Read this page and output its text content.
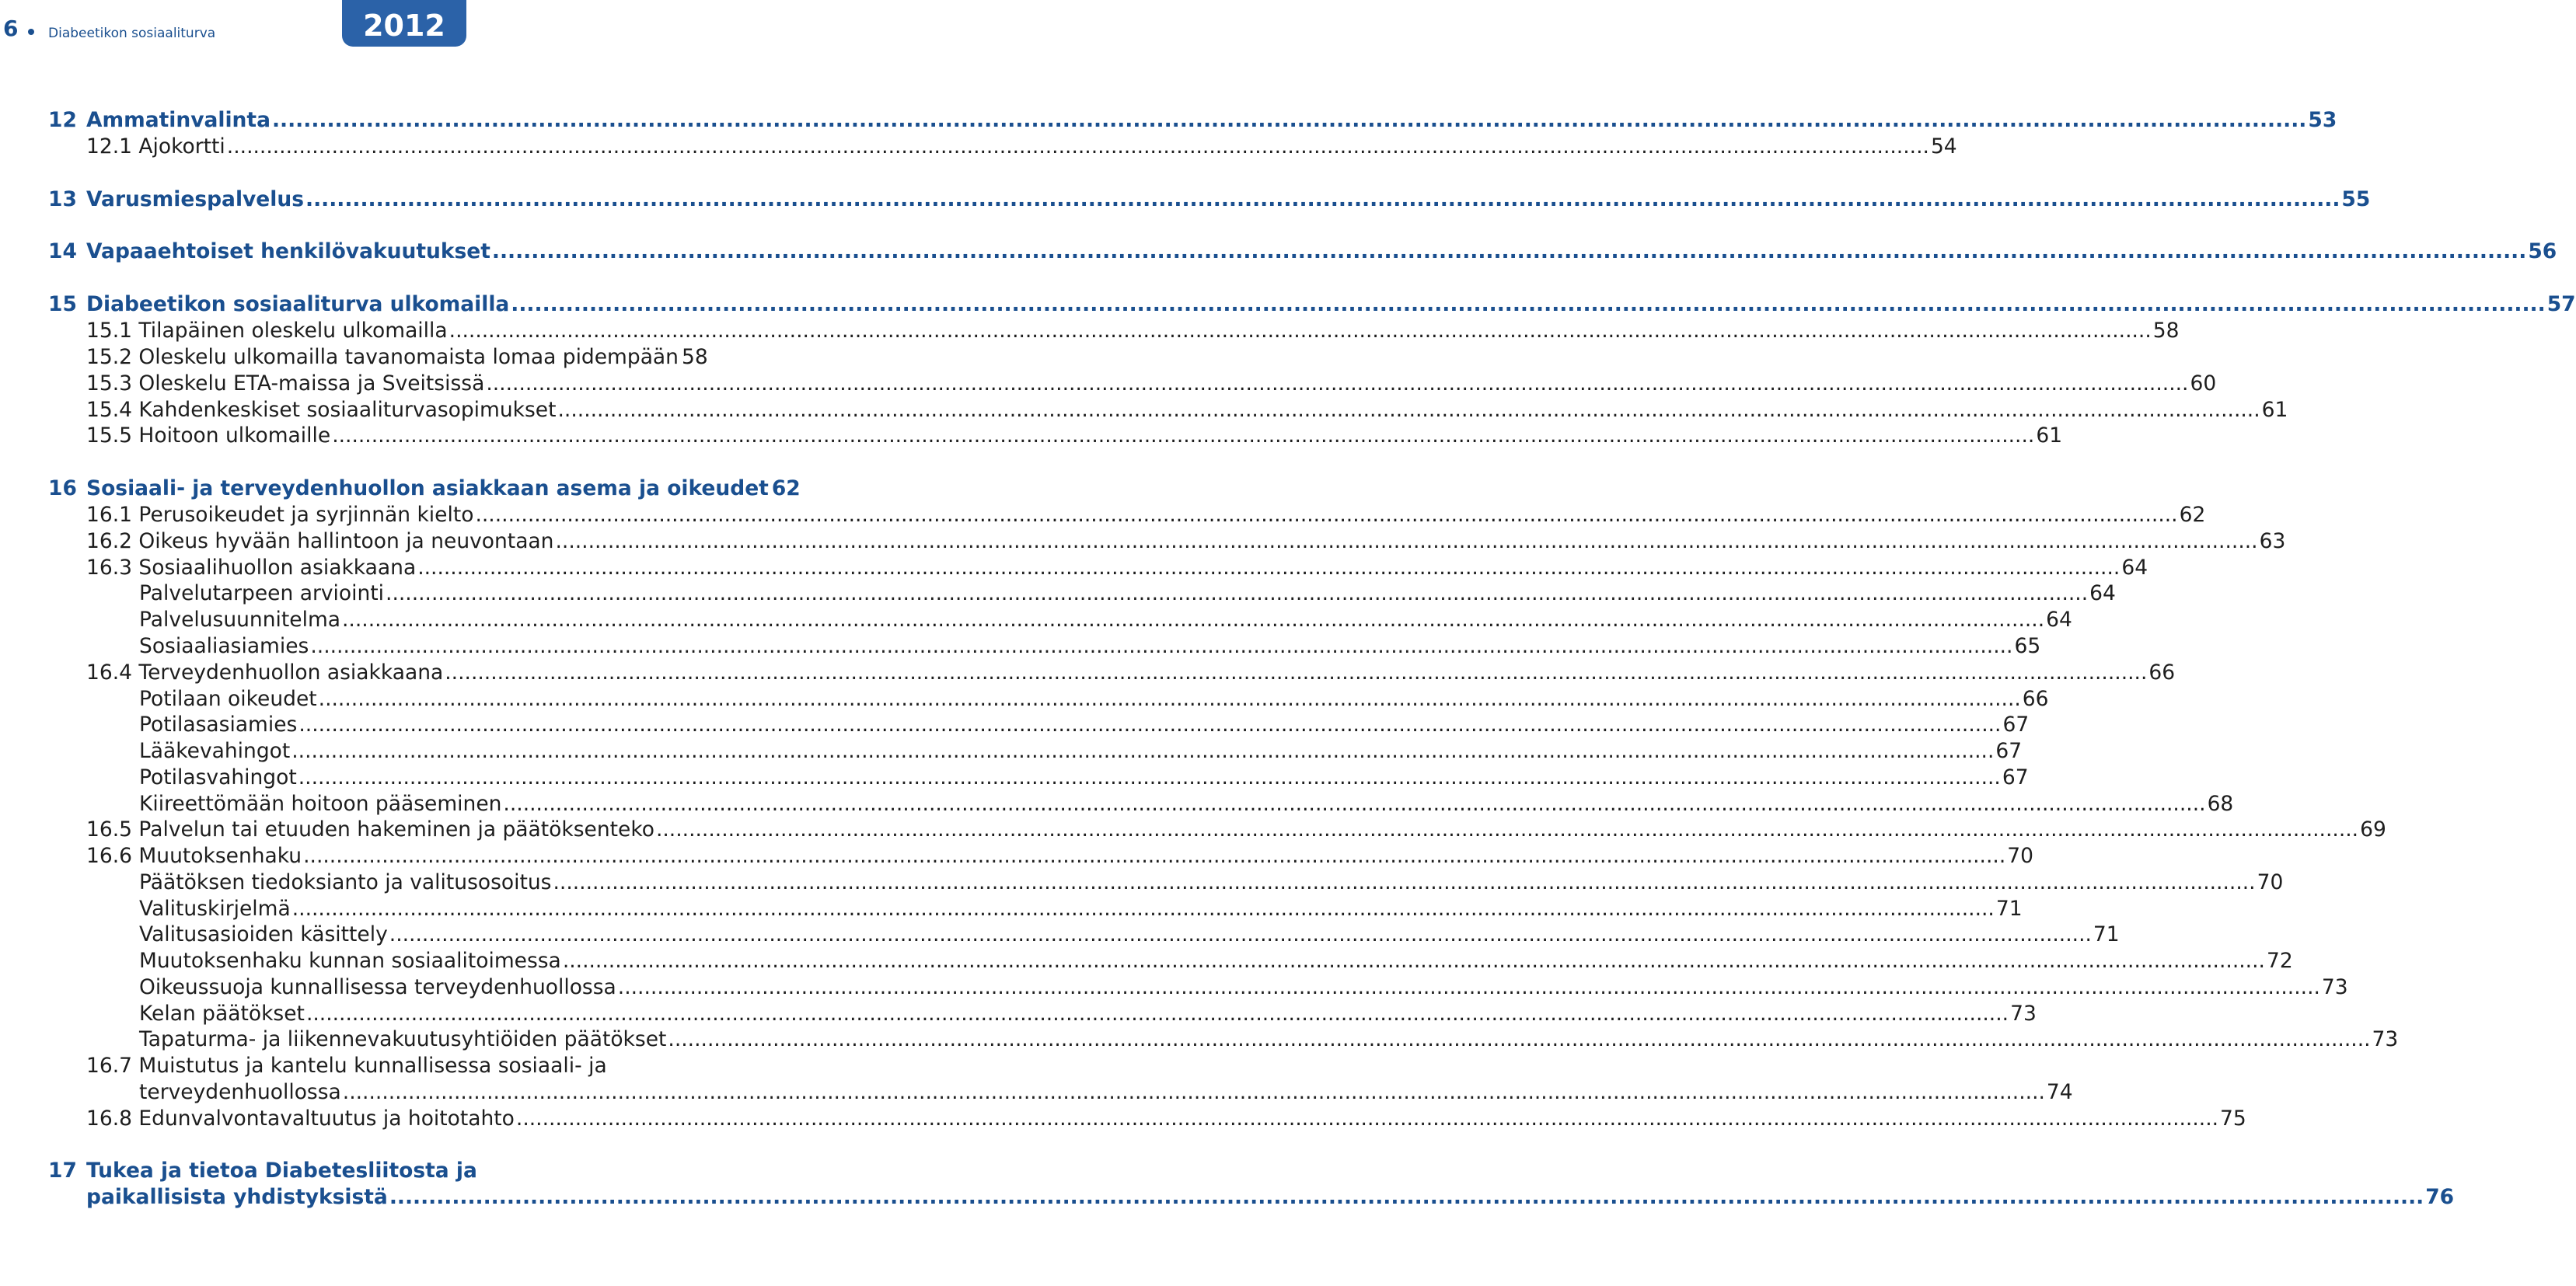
6 Diabeetikon sosiaaliturva	2012
12 Ammatinvalinta .................................................................................................................................................................................................................................................................... 53
12.1 Ajokortti .................................................................................................................................................................................................................................................................... 54
13 Varusmiespalvelus .................................................................................................................................................................................................................................................................... 55
14 Vapaaehtoiset henkilövakuutukset .................................................................................................................................................................................................................................................................... 56
15 Diabeetikon sosiaaliturva ulkomailla .................................................................................................................................................................................................................................................................... 57
15.1 Tilapäinen oleskelu ulkomailla .................................................................................................................................................................................................................................................................... 58
15.2 Oleskelu ulkomailla tavanomaista lomaa pidempään 58
15.3 Oleskelu ETA-maissa ja Sveitsissä .................................................................................................................................................................................................................................................................... 60
15.4 Kahdenkeskiset sosiaaliturvasopimukset .................................................................................................................................................................................................................................................................... 61
15.5 Hoitoon ulkomaille .................................................................................................................................................................................................................................................................... 61
16 Sosiaali- ja terveydenhuollon asiakkaan asema ja oikeudet 62
16.1 Perusoikeudet ja syrjinnän kielto .................................................................................................................................................................................................................................................................... 62
16.2 Oikeus hyvään hallintoon ja neuvontaan .................................................................................................................................................................................................................................................................... 63
16.3 Sosiaalihuollon asiakkaana .................................................................................................................................................................................................................................................................... 64
Palvelutarpeen arviointi .................................................................................................................................................................................................................................................................... 64
Palvelusuunnitelma .................................................................................................................................................................................................................................................................... 64
Sosiaaliasiamies .................................................................................................................................................................................................................................................................... 65
16.4 Terveydenhuollon asiakkaana .................................................................................................................................................................................................................................................................... 66
Potilaan oikeudet .................................................................................................................................................................................................................................................................... 66
Potilasasiamies .................................................................................................................................................................................................................................................................... 67
Lääkevahingot .................................................................................................................................................................................................................................................................... 67
Potilasvahingot .................................................................................................................................................................................................................................................................... 67
Kiireettömään hoitoon pääseminen .................................................................................................................................................................................................................................................................... 68
16.5 Palvelun tai etuuden hakeminen ja päätöksenteko .................................................................................................................................................................................................................................................................... 69
16.6 Muutoksenhaku .................................................................................................................................................................................................................................................................... 70
Päätöksen tiedoksianto ja valitusosoitus .................................................................................................................................................................................................................................................................... 70
Valituskirjelmä .................................................................................................................................................................................................................................................................... 71
Valitusasioiden käsittely .................................................................................................................................................................................................................................................................... 71
Muutoksenhaku kunnan sosiaalitoimessa .................................................................................................................................................................................................................................................................... 72
Oikeussuoja kunnallisessa terveydenhuollossa .................................................................................................................................................................................................................................................................... 73
Kelan päätökset .................................................................................................................................................................................................................................................................... 73
Tapaturma- ja liikennevakuutusyhtiöiden päätökset .................................................................................................................................................................................................................................................................... 73
16.7 Muistutus ja kantelu kunnallisessa sosiaali- ja
terveydenhuollossa .................................................................................................................................................................................................................................................................... 74
16.8 Edunvalvontavaltuutus ja hoitotahto .................................................................................................................................................................................................................................................................... 75
17 Tukea ja tietoa Diabetesliitosta ja
paikallisista yhdistyksistä .................................................................................................................................................................................................................................................................... 76
